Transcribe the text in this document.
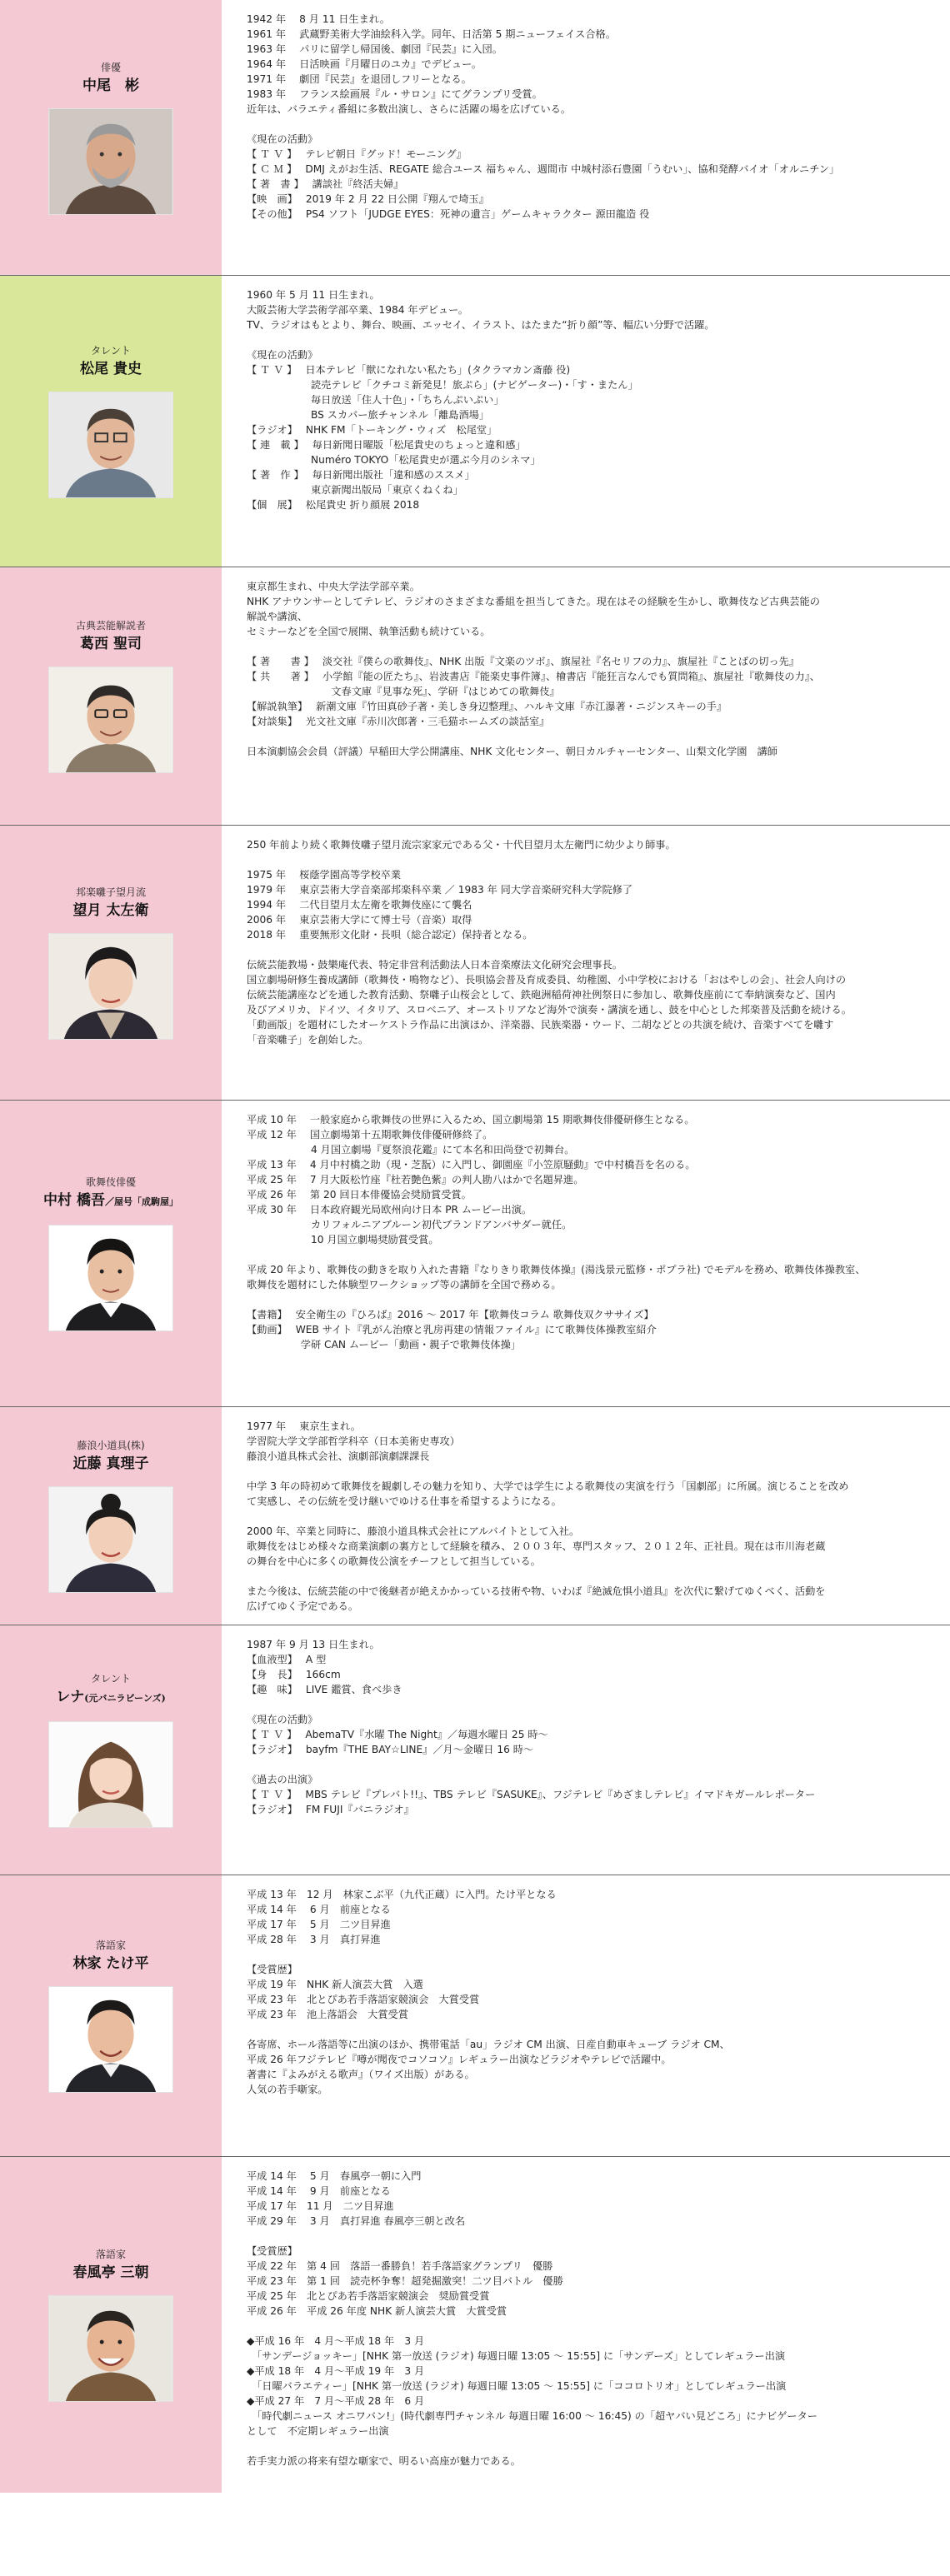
俳優
中尾　彬
1942 年　 8 月 11 日生まれ。
1961 年　 武蔵野美術大学油絵科入学。同年、日活第 5 期ニューフェイス合格。
1963 年　 パリに留学し帰国後、劇団『民芸』に入団。
1964 年　 日活映画『月曜日のユカ』でデビュー。
1971 年　 劇団『民芸』を退団しフリーとなる。
1983 年　 フランス絵画展『ル・サロン』にてグランプリ受賞。
近年は、バラエティ番組に多数出演し、さらに活躍の場を広げている。
《現在の活動》
【 Ｔ Ｖ 】　 テレビ朝日『グッド！モーニング』
【 Ｃ Ｍ 】　 DMJ えがお生活、REGATE 総合ユース 福ちゃん、週間市 中城村添石豊園「うむい」、協和発酵バイオ「オルニチン」
【 著　書 】　 講談社『終活夫婦』
【映　画】　 2019 年 2 月 22 日公開『翔んで埼玉』
【その他】　 PS4 ソフト「JUDGE EYES：死神の遺言」ゲームキャラクター 源田龍造 役
タレント
松尾 貴史
1960 年 5 月 11 日生まれ。
大阪芸術大学芸術学部卒業、1984 年デビュー。
TV、ラジオはもとより、舞台、映画、エッセイ、イラスト、はたまた“折り顔”等、幅広い分野で活躍。
《現在の活動》
【 Ｔ Ｖ 】　 日本テレビ「獣になれない私たち」(タクラマカン斎藤 役)
　　　　　　 読売テレビ「クチコミ新発見！旅ぷら」(ナビゲーター)・「す・またん」
　　　　　　 毎日放送「住人十色」・「ちちんぷいぷい」
　　　　　　 BS スカパー旅チャンネル「離島酒場」
【ラジオ】　 NHK FM「トーキング・ウィズ　松尾堂」
【 連　載 】　 毎日新聞日曜版「松尾貴史のちょっと違和感」
　　　　　　 Numéro TOKYO「松尾貴史が選ぶ今月のシネマ」
【 著　作 】　 毎日新聞出版社「違和感のススメ」
　　　　　　 東京新聞出版局「東京くねくね」
【個　展】　 松尾貴史 折り顔展 2018
古典芸能解説者
葛西 聖司
東京都生まれ、中央大学法学部卒業。
NHK アナウンサーとしてテレビ、ラジオのさまざまな番組を担当してきた。現在はその経験を生かし、歌舞伎など古典芸能の
解説や講演、
セミナーなどを全国で展開、執筆活動も続けている。
【 著　　書 】　 淡交社『僕らの歌舞伎』、NHK 出版『文楽のツボ』、旗屋社『名セリフの力』、旗屋社『ことばの切っ先』
【 共　　著 】　 小学館『能の匠たち』、岩波書店『能楽史事件簿』、檜書店『能狂言なんでも質問箱』、旗屋社『歌舞伎の力』、
　　　　　　　　 文春文庫『見事な死』、学研『はじめての歌舞伎』
【解説執筆】　 新潮文庫『竹田真砂子著・美しき身辺整理』、ハルキ文庫『赤江瀑著・ニジンスキーの手』
【対談集】　 光文社文庫『赤川次郎著・三毛猫ホームズの談話室』
日本演劇協会会員（評議）早稲田大学公開講座、NHK 文化センター、朝日カルチャーセンター、山梨文化学園　講師
邦楽囃子望月流
望月 太左衛
250 年前より続く歌舞伎囃子望月流宗家家元である父・十代目望月太左衛門に幼少より師事。
1975 年　 桜蔭学園高等学校卒業
1979 年　 東京芸術大学音楽部邦楽科卒業 ／ 1983 年 同大学音楽研究科大学院修了
1994 年　 二代目望月太左衛を歌舞伎座にて襲名
2006 年　 東京芸術大学にて博士号（音楽）取得
2018 年　 重要無形文化財・長唄（総合認定）保持者となる。
伝統芸能教場・鼓樂庵代表、特定非営利活動法人日本音楽療法文化研究会理事長。
国立劇場研修生養成講師（歌舞伎・鳴物など）、長唄協会普及育成委員、幼稚園、小中学校における「おはやしの会」、社会人向けの
伝統芸能講座などを通した教育活動、祭囃子山桜会として、鉄砲洲稲荷神社例祭日に参加し、歌舞伎座前にて奉納演奏など、国内
及びアメリカ、ドイツ、イタリア、スロベニア、オーストリアなど海外で演奏・講演を通し、鼓を中心とした邦楽普及活動を続ける。
「動画版」を題材にしたオーケストラ作品に出演ほか、洋楽器、民族楽器・ウード、二胡などとの共演を続け、音楽すべてを囃す
「音楽囃子」を創始した。
歌舞伎俳優
中村 橋吾／屋号「成駒屋」
平成 10 年　 一般家庭から歌舞伎の世界に入るため、国立劇場第 15 期歌舞伎俳優研修生となる。
平成 12 年　 国立劇場第十五期歌舞伎俳優研修終了。
　　　　　　 4 月国立劇場『夏祭浪花鑑』にて本名和田尚登で初舞台。
平成 13 年　 4 月中村橋之助（現・芝翫）に入門し、御園座『小笠原騒動』で中村橋吾を名のる。
平成 25 年　 7 月大阪松竹座『杜若艶色紫』の判人勘八はかで名題昇進。
平成 26 年　 第 20 回日本俳優協会奨励賞受賞。
平成 30 年　 日本政府観光局欧州向け日本 PR ムービー出演。
　　　　　　 カリフォルニアブルーン初代ブランドアンバサダー就任。
　　　　　　 10 月国立劇場奨励賞受賞。
平成 20 年より、歌舞伎の動きを取り入れた書籍『なりきり歌舞伎体操』(湯浅景元監修・ポプラ社) でモデルを務め、歌舞伎体操教室、
歌舞伎を題材にした体験型ワークショップ等の講師を全国で務める。
【書籍】　 安全衛生の『ひろば』2016 ～ 2017 年【歌舞伎コラム 歌舞伎双クササイズ】
【動画】　 WEB サイト『乳がん治療と乳房再建の情報ファイル』にて歌舞伎体操教室紹介
　　　　　 学研 CAN ムービー「動画・親子で歌舞伎体操」
藤浪小道具(株)
近藤 真理子
1977 年　 東京生まれ。
学習院大学文学部哲学科卒（日本美術史専攻）
藤浪小道具株式会社、演劇部演劇課課長
中学 3 年の時初めて歌舞伎を観劇しその魅力を知り、大学では学生による歌舞伎の実演を行う「国劇部」に所属。演じることを改め
て実感し、その伝統を受け継いでゆける仕事を希望するようになる。
2000 年、卒業と同時に、藤浪小道具株式会社にアルバイトとして入社。
歌舞伎をはじめ様々な商業演劇の裏方として経験を積み、２００３年、専門スタッフ、２０１２年、正社員。現在は市川海老蔵
の舞台を中心に多くの歌舞伎公演をチーフとして担当している。
また今後は、伝統芸能の中で後継者が絶えかかっている技術や物、いわば『絶滅危惧小道具』を次代に繋げてゆくべく、活動を
広げてゆく予定である。
タレント
レナ(元バニラビーンズ)
1987 年 9 月 13 日生まれ。
【血液型】　 A 型
【身　長】　 166cm
【趣　味】　 LIVE 鑑賞、食べ歩き
《現在の活動》
【 Ｔ Ｖ 】　 AbemaTV『水曜 The Night』／毎週水曜日 25 時～
【ラジオ】　 bayfm『THE BAY☆LINE』／月～金曜日 16 時～
《過去の出演》
【 Ｔ Ｖ 】　 MBS テレビ『プレバト!!』、TBS テレビ『SASUKE』、フジテレビ『めざましテレビ』イマドキガールレポーター
【ラジオ】　 FM FUJI『バニラジオ』
落語家
林家 たけ平
平成 13 年　12 月　林家こぶ平（九代正蔵）に入門。たけ平となる
平成 14 年　 6 月　前座となる
平成 17 年　 5 月　二ツ目昇進
平成 28 年　 3 月　真打昇進
【受賞歴】
平成 19 年　NHK 新人演芸大賞　入選
平成 23 年　北とぴあ若手落語家競演会　大賞受賞
平成 23 年　池上落語会　大賞受賞
各寄席、ホール落語等に出演のほか、携帯電話「au」ラジオ CM 出演、日産自動車キューブ ラジオ CM、
平成 26 年フジテレビ『噂が聞夜でコソコソ』レギュラー出演などラジオやテレビで活躍中。
著書に『よみがえる歌声』（ワイズ出版）がある。
人気の若手噺家。
落語家
春風亭 三朝
平成 14 年　 5 月　春風亭一朝に入門
平成 14 年　 9 月　前座となる
平成 17 年　11 月　二ツ目昇進
平成 29 年　 3 月　真打昇進 春風亭三朝と改名
【受賞歴】
平成 22 年　第 4 回　落語一番勝負！若手落語家グランプリ　優勝
平成 23 年　第 1 回　読売杯争奪！超発掘激突！二ツ目バトル　優勝
平成 25 年　北とぴあ若手落語家競演会　奨励賞受賞
平成 26 年　平成 26 年度 NHK 新人演芸大賞　大賞受賞
◆平成 16 年　4 月～平成 18 年　3 月
　「サンデージョッキー」[NHK 第一放送 (ラジオ) 毎週日曜 13:05 ～ 15:55] に「サンデーズ」としてレギュラー出演
◆平成 18 年　4 月～平成 19 年　3 月
　「日曜バラエティー」[NHK 第一放送 (ラジオ) 毎週日曜 13:05 ～ 15:55] に「ココロトリオ」としてレギュラー出演
◆平成 27 年　7 月～平成 28 年　6 月
　「時代劇ニュース オニワバン!」(時代劇専門チャンネル 毎週日曜 16:00 ～ 16:45) の「超ヤバい見どころ」にナビゲーター
として　不定期レギュラー出演
若手実力派の将来有望な噺家で、明るい高座が魅力である。
